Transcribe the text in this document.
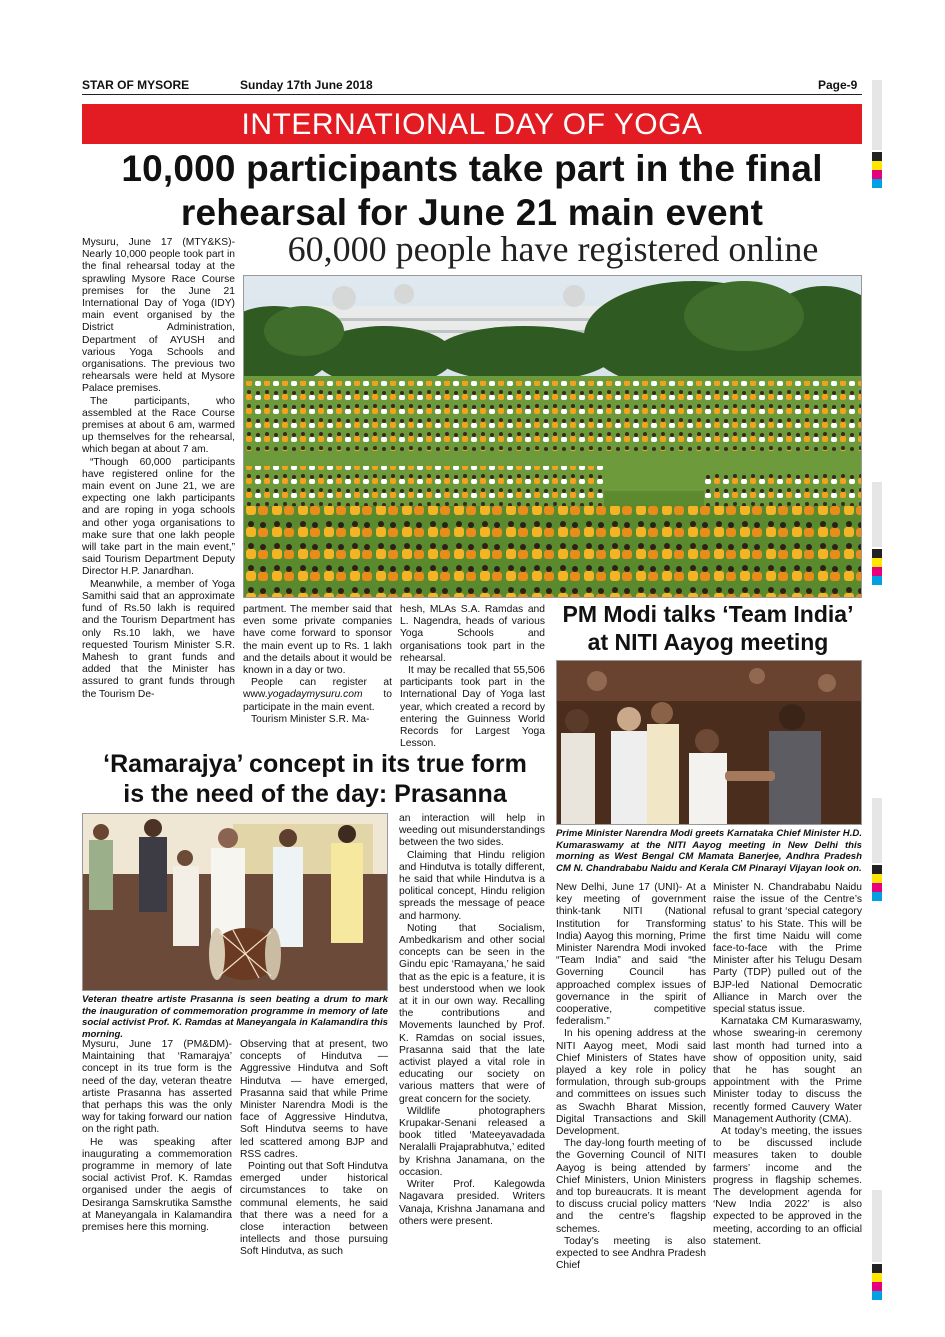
STAR OF MYSORE	Sunday 17th June 2018	Page-9
INTERNATIONAL DAY OF YOGA
10,000 participants take part in the final
rehearsal for June 21 main event
60,000 people have registered online

Mysuru, June 17 (MTY&KS)- Nearly 10,000 people took part in the final rehearsal today at the sprawling Mysore Race Course premises for the June 21 International Day of Yoga (IDY) main event organised by the District Administration, Department of AYUSH and various Yoga Schools and organisations. The previous two rehearsals were held at Mysore Palace premises.

The participants, who assembled at the Race Course premises at about 6 am, warmed up themselves for the rehearsal, which began at about 7 am.

“Though 60,000 participants have registered online for the main event on June 21, we are expecting one lakh participants and are roping in yoga schools and other yoga organisations to make sure that one lakh people will take part in the main event,” said Tourism Department Deputy Director H.P. Janardhan.

Meanwhile, a member of Yoga Samithi said that an approximate fund of Rs.50 lakh is required and the Tourism Department has only Rs.10 lakh, we have requested Tourism Minister S.R. Mahesh to grant funds and added that the Minister has assured to grant funds through the Tourism De-

partment. The member said that even some private companies have come forward to sponsor the main event up to Rs. 1 lakh and the details about it would be known in a day or two.

People can register at www.yogadaymysuru.com to participate in the main event.

Tourism Minister S.R. Ma-

hesh, MLAs S.A. Ramdas and L. Nagendra, heads of various Yoga Schools and organisations took part in the rehearsal.

It may be recalled that 55,506 participants took part in the International Day of Yoga last year, which created a record by entering the Guinness World Records for Largest Yoga Lesson.

PM Modi talks ‘Team India’
at NITI Aayog meeting
Prime Minister Narendra Modi greets Karnataka Chief Minister H.D. Kumaraswamy at the NITI Aayog meeting in New Delhi this morning as West Bengal CM Mamata Banerjee, Andhra Pradesh CM N. Chandrababu Naidu and Kerala CM Pinarayi Vijayan look on.

New Delhi, June 17 (UNI)- At a key meeting of government think-tank NITI (National Institution for Transforming India) Aayog this morning, Prime Minister Narendra Modi invoked “Team India” and said “the Governing Council has approached complex issues of governance in the spirit of cooperative, competitive federalism.”

In his opening address at the NITI Aayog meet, Modi said Chief Ministers of States have played a key role in policy formulation, through sub-groups and committees on issues such as Swachh Bharat Mission, Digital Transactions and Skill Development.

The day-long fourth meeting of the Governing Council of NITI Aayog is being attended by Chief Ministers, Union Ministers and top bureaucrats. It is meant to discuss crucial policy matters and the centre’s flagship schemes.

Today’s meeting is also expected to see Andhra Pradesh Chief

Minister N. Chandrababu Naidu raise the issue of the Centre’s refusal to grant ‘special category status’ to his State. This will be the first time Naidu will come face-to-face with the Prime Minister after his Telugu Desam Party (TDP) pulled out of the BJP-led National Democratic Alliance in March over the special status issue.

Karnataka CM Kumaraswamy, whose swearing-in ceremony last month had turned into a show of opposition unity, said that he has sought an appointment with the Prime Minister today to discuss the recently formed Cauvery Water Management Authority (CMA).

At today’s meeting, the issues to be discussed include measures taken to double farmers’ income and the progress in flagship schemes. The development agenda for ‘New India 2022’ is also expected to be approved in the meeting, according to an official statement.

‘Ramarajya’ concept in its true form
is the need of the day: Prasanna
Veteran theatre artiste Prasanna is seen beating a drum to mark the inauguration of commemoration programme in memory of late social activist Prof. K. Ramdas at Maneyangala in Kalamandira this morning.

Mysuru, June 17 (PM&DM)- Maintaining that ‘Ramarajya’ concept in its true form is the need of the day, veteran theatre artiste Prasanna has asserted that perhaps this was the only way for taking forward our nation on the right path.

He was speaking after inaugurating a commemoration programme in memory of late social activist Prof. K. Ramdas organised under the aegis of Desiranga Samskrutika Samsthe at Maneyangala in Kalamandira premises here this morning.

Observing that at present, two concepts of Hindutva — Aggressive Hindutva and Soft Hindutva — have emerged, Prasanna said that while Prime Minister Narendra Modi is the face of Aggressive Hindutva, Soft Hindutva seems to have led scattered among BJP and RSS cadres.

Pointing out that Soft Hindutva emerged under historical circumstances to take on communal elements, he said that there was a need for a close interaction between intellects and those pursuing Soft Hindutva, as such

an interaction will help in weeding out misunderstandings between the two sides.

Claiming that Hindu religion and Hindutva is totally different, he said that while Hindutva is a political concept, Hindu religion spreads the message of peace and harmony.

Noting that Socialism, Ambedkarism and other social concepts can be seen in the Gindu epic ‘Ramayana,’ he said that as the epic is a feature, it is best understood when we look at it in our own way. Recalling the contributions and Movements launched by Prof. K. Ramdas on social issues, Prasanna said that the late activist played a vital role in educating our society on various matters that were of great concern for the society.

Wildlife photographers Krupakar-Senani released a book titled ‘Mateeyavadada Neralalli Prajaprabhutva,’ edited by Krishna Janamana, on the occasion.

Writer Prof. Kalegowda Nagavara presided. Writers Vanaja, Krishna Janamana and others were present.
